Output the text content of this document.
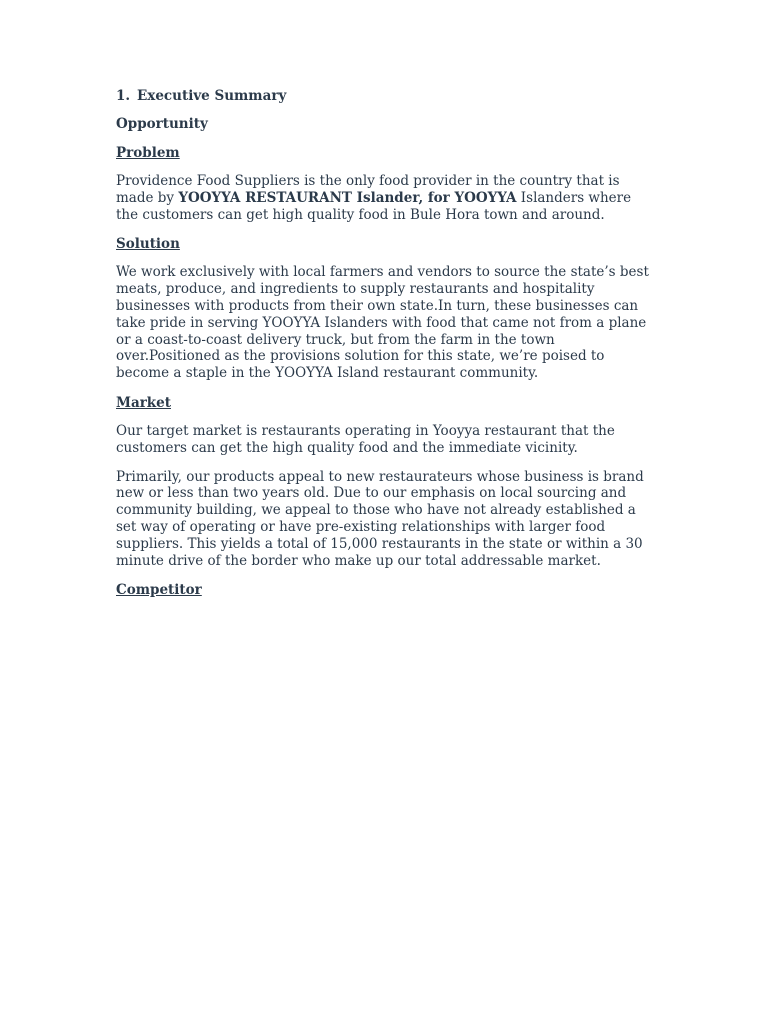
1. Executive Summary

Opportunity

Problem

Providence Food Suppliers is the only food provider in the country that is made by YOOYYA RESTAURANT Islander, for YOOYYA Islanders where the customers can get high quality food in Bule Hora town and around.

Solution

We work exclusively with local farmers and vendors to source the state’s best meats, produce, and ingredients to supply restaurants and hospitality businesses with products from their own state.In turn, these businesses can take pride in serving YOOYYA Islanders with food that came not from a plane or a coast-to-coast delivery truck, but from the farm in the town over.Positioned as the provisions solution for this state, we’re poised to become a staple in the YOOYYA Island restaurant community.

Market

Our target market is restaurants operating in Yooyya restaurant that the customers can get the high quality food and the immediate vicinity.

Primarily, our products appeal to new restaurateurs whose business is brand new or less than two years old. Due to our emphasis on local sourcing and community building, we appeal to those who have not already established a set way of operating or have pre-existing relationships with larger food suppliers. This yields a total of 15,000 restaurants in the state or within a 30 minute drive of the border who make up our total addressable market.

Competitor
